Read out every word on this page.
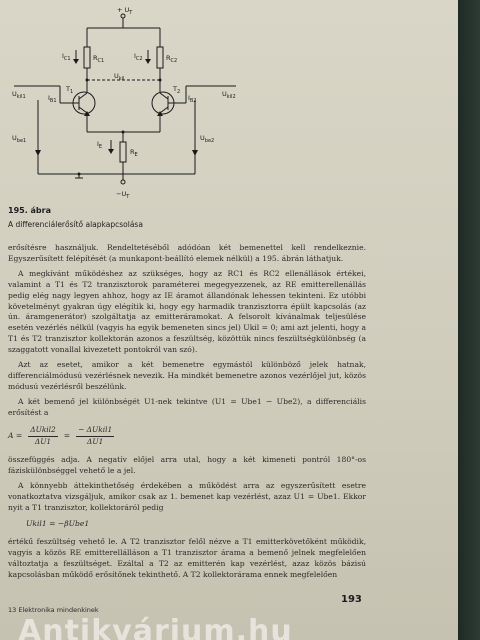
+ $U_T$
$I_{C1}$	$R_{C1}$
$I_{C2}$	$R_{C2}$
$U_{kil}$
$U_{kil1}$	$U_{kil2}$
$T_1$	$T_2$
$I_{B1}$	$I_{B2}$
$U_{be1}$	$U_{be2}$
$I_E$
$R_E$
$-U_T$
195. ábra
A differenciálerősítő alapkapcsolása

erősítésre használjuk. Rendeltetéséből adódóan két bemenettel kell rendelkeznie. Egyszerűsített felépítését (a munkapont-beállító elemek nélkül) a 195. ábrán láthatjuk.

A megkívánt működéshez az szükséges, hogy az RC1 és RC2 ellenállások értékei, valamint a T1 és T2 tranzisztorok paraméterei megegyezzenek, az RE emitterellenállás pedig elég nagy legyen ahhoz, hogy az IE áramot állandónak lehessen tekinteni. Ez utóbbi követelményt gyakran úgy elégítik ki, hogy egy harmadik tranzisztorra épült kapcsolás (az ún. áramgenerátor) szolgáltatja az emitteráramokat. A felsorolt kívánalmak teljesülése esetén vezérlés nélkül (vagyis ha egyik bemeneten sincs jel) Ukil = 0; ami azt jelenti, hogy a T1 és T2 tranzisztor kollektorán azonos a feszültség, közöttük nincs feszültségkülönbség (a szaggatott vonallal kivezetett pontokról van szó).

Azt az esetet, amikor a két bemenetre egymástól különböző jelek hatnak, differenciálmódusú vezérlésnek nevezik. Ha mindkét bemenetre azonos vezérlőjel jut, közös módusú vezérlésről beszélünk.

A két bemenő jel különbségét U1-nek tekintve (U1 = Ube1 − Ube2), a differenciális erősítést a

$A = \frac{\text{ΔUkil2}}{\Delta U1} = \frac{\text{− ΔUkil1}}{\Delta U1}$

összefüggés adja. A negatív előjel arra utal, hogy a két kimeneti pontról 180°-os fáziskülönbséggel vehető le a jel.

A könnyebb áttekinthetőség érdekében a működést arra az egyszerűsített esetre vonatkoztatva vizsgáljuk, amikor csak az 1. bemenet kap vezérlést, azaz U1 = Ube1. Ekkor nyit a T1 tranzisztor, kollektoráról pedig

Ukil1 = −βUbe1

értékű feszültség vehető le. A T2 tranzisztor felől nézve a T1 emitterkövetőként működik, vagyis a közös RE emitterellálláson a T1 tranzisztor árama a bemenő jelnek megfelelően változtatja a feszültséget. Ezáltal a T2 az emitterén kap vezérlést, azaz közös bázisú kapcsolásban működő erősítőnek tekinthető. A T2 kollektorárama ennek megfelelően

193
13 Elektronika mindenkinek
Antikvárium.hu
